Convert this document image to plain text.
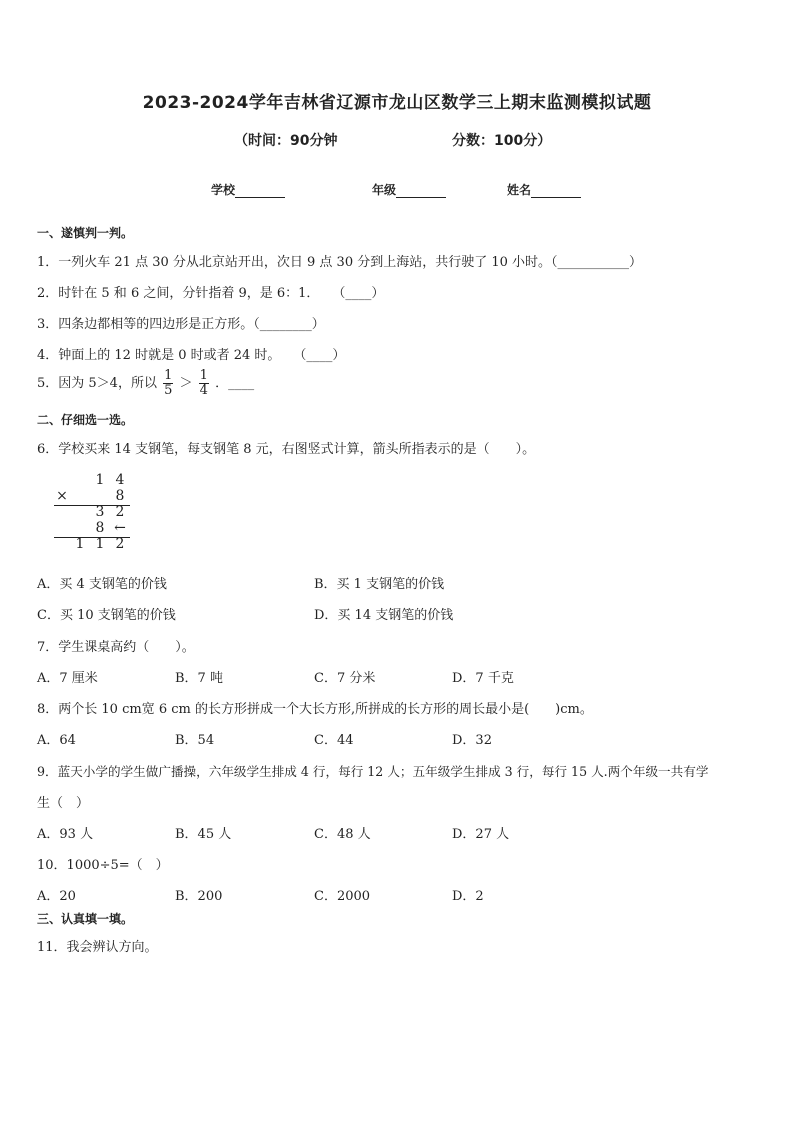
2023-2024学年吉林省辽源市龙山区数学三上期末监测模拟试题
（时间：90分钟	分数：100分）
学校	年级	姓名
一、遂慎判一判。
1．一列火车 21 点 30 分从北京站开出，次日 9 点 30 分到上海站，共行驶了 10 小时。（___________）
2．时针在 5 和 6 之间，分针指着 9，是 6：1．　　（____）
3．四条边都相等的四边形是正方形。（________）
4．钟面上的 12 时就是 0 时或者 24 时。　　（____）
5．因为 5＞4，所以 $\frac{1}{5} > \frac{1}{4}$ ．____
二、仔细选一选。
6．学校买来 14 支钢笔，每支钢笔 8 元，右图竖式计算，箭头所指表示的是（　　）。
1 4
×	8
3 2
8 ←
1 1 2
A．买 4 支钢笔的价钱	B．买 1 支钢笔的价钱
C．买 10 支钢笔的价钱	D．买 14 支钢笔的价钱
7．学生课桌高约（　　）。
A．7 厘米	B．7 吨	C．7 分米	D．7 千克
8．两个长 10 cm宽 6 cm 的长方形拼成一个大长方形,所拼成的长方形的周长最小是(　　)cm。
A．64	B．54	C．44	D．32
9．蓝天小学的学生做广播操，六年级学生排成 4 行，每行 12 人；五年级学生排成 3 行，每行 15 人.两个年级一共有学
生（　）
A．93 人	B．45 人	C．48 人	D．27 人
10．1000÷5=（　）
A．20	B．200	C．2000	D．2
三、认真填一填。
11．我会辨认方向。
